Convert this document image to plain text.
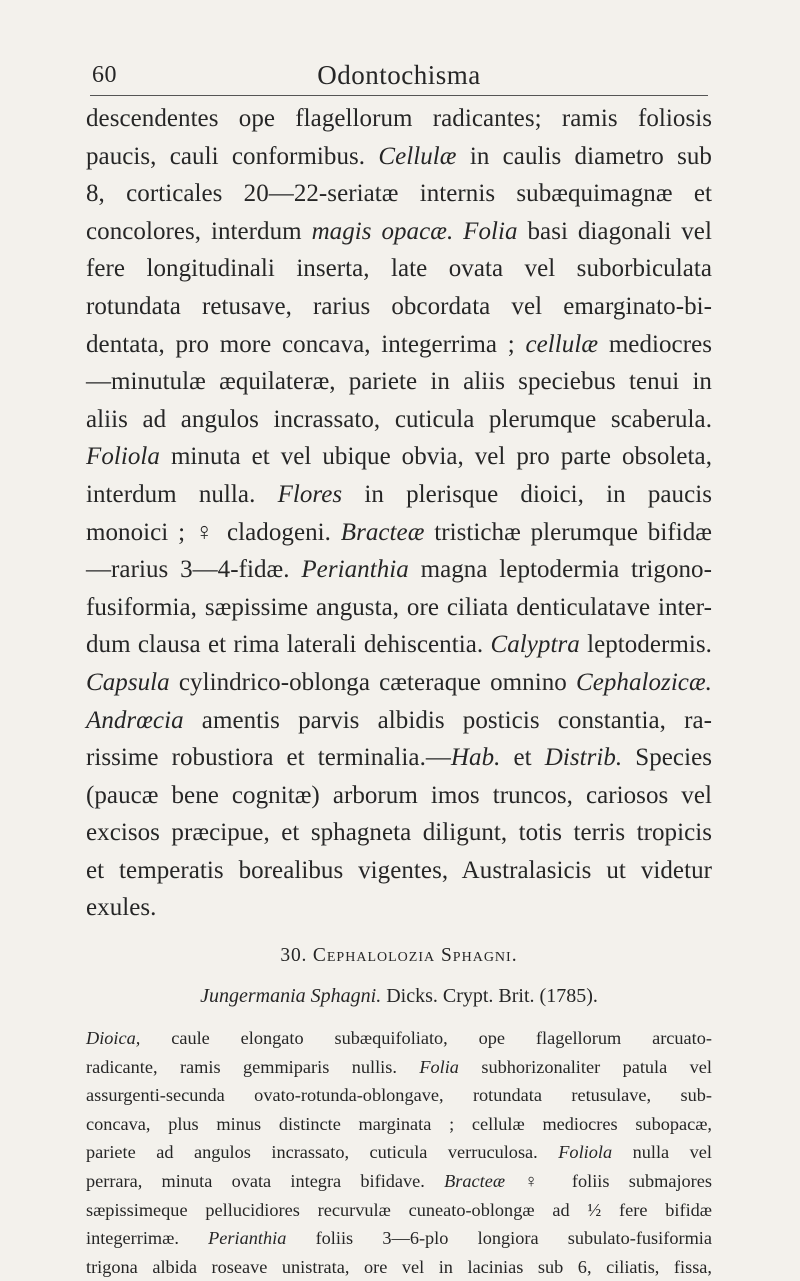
60	Odontochisma
descendentes ope flagellorum radicantes; ramis foliosis
paucis, cauli conformibus. Cellulæ in caulis diametro sub
8, corticales 20—22-seriatæ internis subæquimagnæ et
concolores, interdum magis opacæ. Folia basi diagonali vel
fere longitudinali inserta, late ovata vel suborbiculata
rotundata retusave, rarius obcordata vel emarginato-bi-
dentata, pro more concava, integerrima ; cellulæ mediocres
—minutulæ æquilateræ, pariete in aliis speciebus tenui in
aliis ad angulos incrassato, cuticula plerumque scaberula.
Foliola minuta et vel ubique obvia, vel pro parte obsoleta,
interdum nulla. Flores in plerisque dioici, in paucis
monoici ; ♀ cladogeni. Bracteæ tristichæ plerumque bifidæ
—rarius 3—4-fidæ. Perianthia magna leptodermia trigono-
fusiformia, sæpissime angusta, ore ciliata denticulatave inter-
dum clausa et rima laterali dehiscentia. Calyptra leptodermis.
Capsula cylindrico-oblonga cæteraque omnino Cephalozicæ.
Andrœcia amentis parvis albidis posticis constantia, ra-
rissime robustiora et terminalia.—Hab. et Distrib. Species
(paucæ bene cognitæ) arborum imos truncos, cariosos vel
excisos præcipue, et sphagneta diligunt, totis terris tropicis
et temperatis borealibus vigentes, Australasicis ut videtur
exules.
30. Cephalolozia Sphagni.
Jungermania Sphagni. Dicks. Crypt. Brit. (1785).
Dioica, caule elongato subæquifoliato, ope flagellorum arcuato-
radicante, ramis gemmiparis nullis. Folia subhorizonaliter patula vel
assurgenti-secunda ovato-rotunda-oblongave, rotundata retusulave, sub-
concava, plus minus distincte marginata ; cellulæ mediocres subopacæ,
pariete ad angulos incrassato, cuticula verruculosa. Foliola nulla vel
perrara, minuta ovata integra bifidave. Bracteæ ♀ foliis submajores
sæpissimeque pellucidiores recurvulæ cuneato-oblongæ ad ½ fere bifidæ
integerrimæ. Perianthia foliis 3—6-plo longiora subulato-fusiformia
trigona albida roseave unistrata, ore vel in lacinias sub 6, ciliatis, fissa,
